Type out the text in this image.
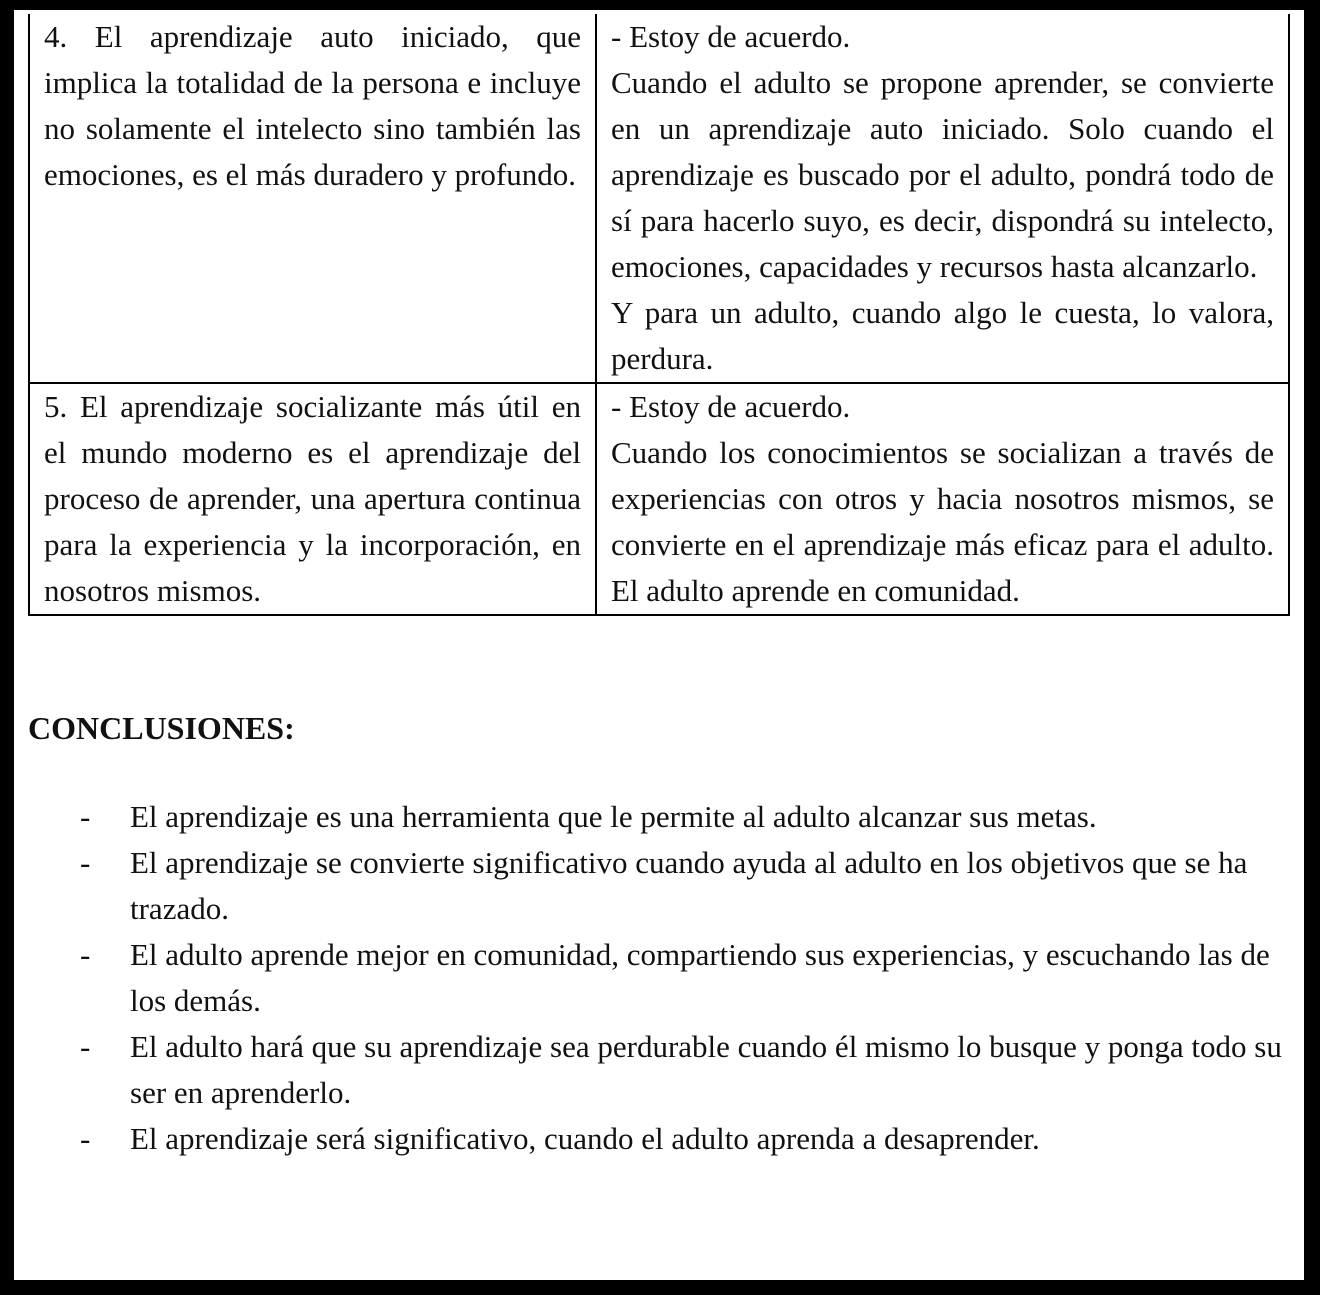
4. El aprendizaje auto iniciado, que implica la totalidad de la persona e incluye no solamente el intelecto sino también las emociones, es el más duradero y profundo.	- Estoy de acuerdo.
Cuando el adulto se propone aprender, se convierte en un aprendizaje auto iniciado. Solo cuando el aprendizaje es buscado por el adulto, pondrá todo de sí para hacerlo suyo, es decir, dispondrá su intelecto, emociones, capacidades y recursos hasta alcanzarlo.
Y para un adulto, cuando algo le cuesta, lo valora, perdura.

5. El aprendizaje socializante más útil en el mundo moderno es el aprendizaje del proceso de aprender, una apertura continua para la experiencia y la incorporación, en nosotros mismos.	- Estoy de acuerdo.
Cuando los conocimientos se socializan a través de experiencias con otros y hacia nosotros mismos, se convierte en el aprendizaje más eficaz para el adulto. El adulto aprende en comunidad.
CONCLUSIONES:
- El aprendizaje es una herramienta que le permite al adulto alcanzar sus metas.
- El aprendizaje se convierte significativo cuando ayuda al adulto en los objetivos que se ha trazado.
- El adulto aprende mejor en comunidad, compartiendo sus experiencias, y escuchando las de los demás.
- El adulto hará que su aprendizaje sea perdurable cuando él mismo lo busque y ponga todo su ser en aprenderlo.
- El aprendizaje será significativo, cuando el adulto aprenda a desaprender.
